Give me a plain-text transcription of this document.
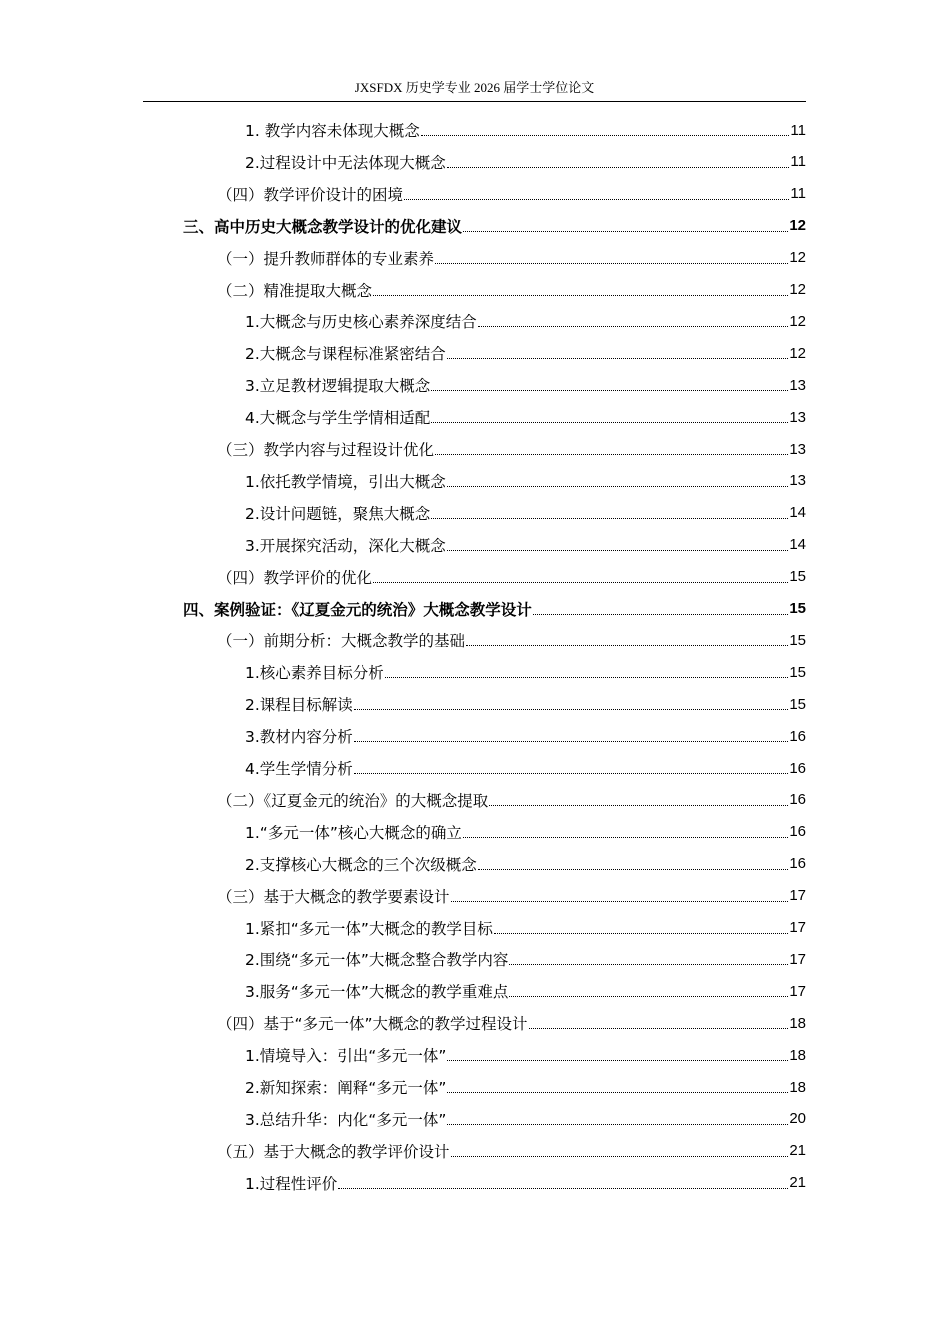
JXSFDX 历史学专业 2026 届学士学位论文
1. 教学内容未体现大概念	11
2.过程设计中无法体现大概念	11
（四）教学评价设计的困境	11
三、高中历史大概念教学设计的优化建议	12
（一）提升教师群体的专业素养	12
（二）精准提取大概念	12
1.大概念与历史核心素养深度结合	12
2.大概念与课程标准紧密结合	12
3.立足教材逻辑提取大概念	13
4.大概念与学生学情相适配	13
（三）教学内容与过程设计优化	13
1.依托教学情境，引出大概念	13
2.设计问题链，聚焦大概念	14
3.开展探究活动，深化大概念	14
（四）教学评价的优化	15
四、案例验证：《辽夏金元的统治》大概念教学设计	15
（一）前期分析：大概念教学的基础	15
1.核心素养目标分析	15
2.课程目标解读	15
3.教材内容分析	16
4.学生学情分析	16
（二）《辽夏金元的统治》的大概念提取	16
1.“多元一体”核心大概念的确立	16
2.支撑核心大概念的三个次级概念	16
（三）基于大概念的教学要素设计	17
1.紧扣“多元一体”大概念的教学目标	17
2.围绕“多元一体”大概念整合教学内容	17
3.服务“多元一体”大概念的教学重难点	17
（四）基于“多元一体”大概念的教学过程设计	18
1.情境导入：引出“多元一体”	18
2.新知探索：阐释“多元一体”	18
3.总结升华：内化“多元一体”	20
（五）基于大概念的教学评价设计	21
1.过程性评价	21
